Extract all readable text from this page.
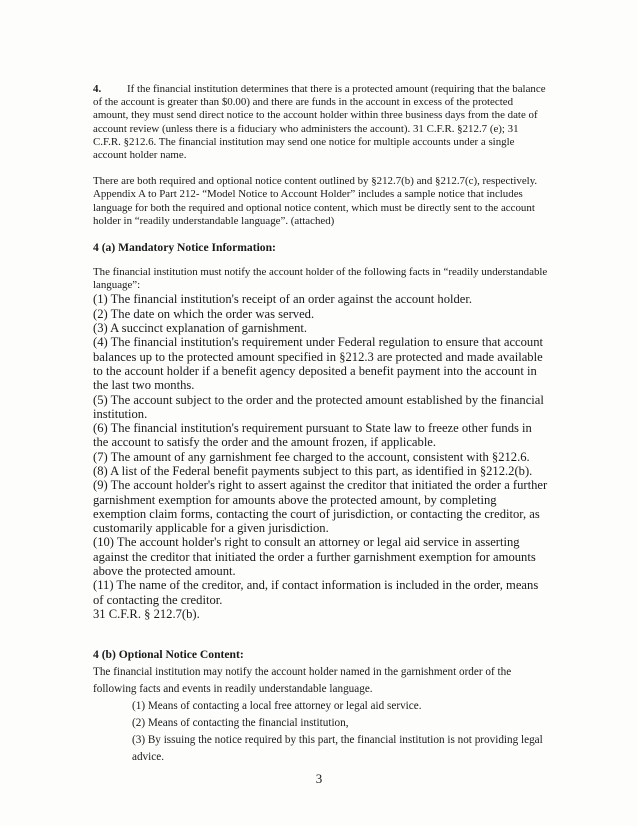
4. If the financial institution determines that there is a protected amount (requiring that the balance of the account is greater than $0.00) and there are funds in the account in excess of the protected amount, they must send direct notice to the account holder within three business days from the date of account review (unless there is a fiduciary who administers the account). 31 C.F.R. §212.7 (e); 31 C.F.R. §212.6. The financial institution may send one notice for multiple accounts under a single account holder name.

There are both required and optional notice content outlined by §212.7(b) and §212.7(c), respectively. Appendix A to Part 212- “Model Notice to Account Holder” includes a sample notice that includes language for both the required and optional notice content, which must be directly sent to the account holder in “readily understandable language”. (attached)

4 (a) Mandatory Notice Information:

The financial institution must notify the account holder of the following facts in “readily understandable language”:

(1) The financial institution's receipt of an order against the account holder.

(2) The date on which the order was served.

(3) A succinct explanation of garnishment.

(4) The financial institution's requirement under Federal regulation to ensure that account balances up to the protected amount specified in §212.3 are protected and made available to the account holder if a benefit agency deposited a benefit payment into the account in the last two months.

(5) The account subject to the order and the protected amount established by the financial institution.

(6) The financial institution's requirement pursuant to State law to freeze other funds in the account to satisfy the order and the amount frozen, if applicable.

(7) The amount of any garnishment fee charged to the account, consistent with §212.6.

(8) A list of the Federal benefit payments subject to this part, as identified in §212.2(b).

(9) The account holder's right to assert against the creditor that initiated the order a further garnishment exemption for amounts above the protected amount, by completing exemption claim forms, contacting the court of jurisdiction, or contacting the creditor, as customarily applicable for a given jurisdiction.

(10) The account holder's right to consult an attorney or legal aid service in asserting against the creditor that initiated the order a further garnishment exemption for amounts above the protected amount.

(11) The name of the creditor, and, if contact information is included in the order, means of contacting the creditor.

31 C.F.R. § 212.7(b).

4 (b) Optional Notice Content:

The financial institution may notify the account holder named in the garnishment order of the following facts and events in readily understandable language.

(1) Means of contacting a local free attorney or legal aid service.

(2) Means of contacting the financial institution,

(3) By issuing the notice required by this part, the financial institution is not providing legal advice.

3
